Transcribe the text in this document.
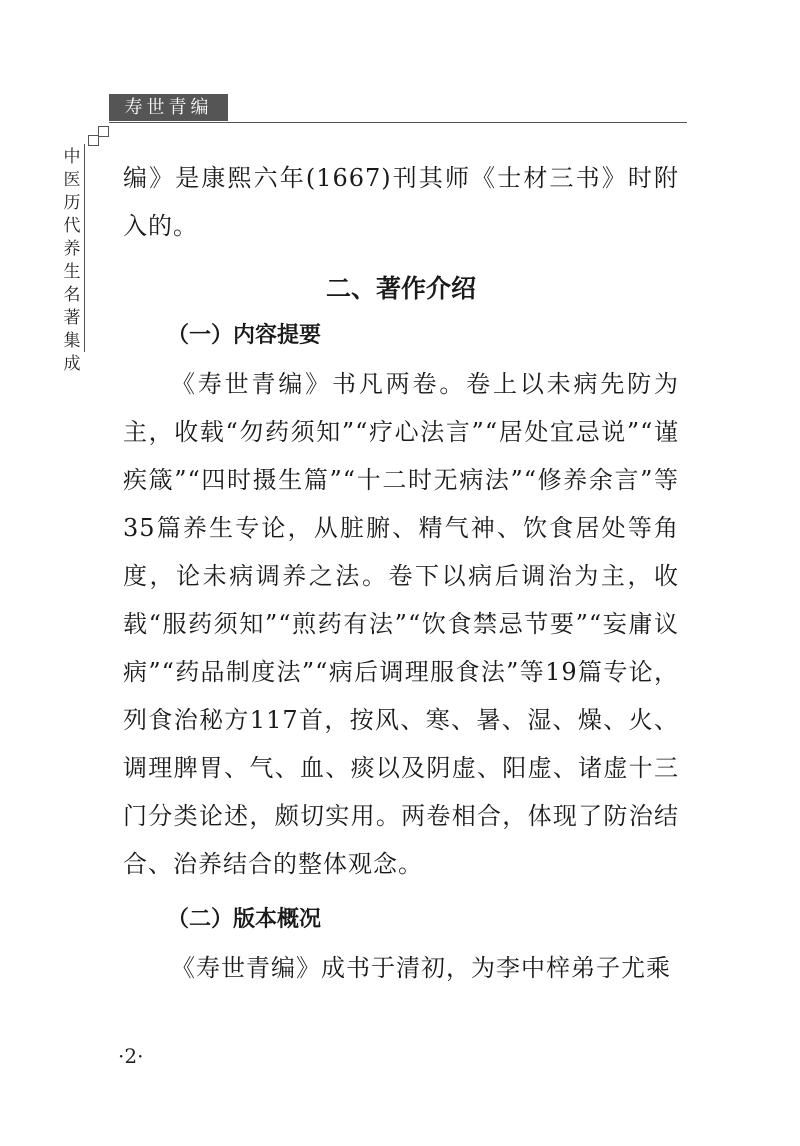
寿世青编
中医历代养生名著集成

编》是康熙六年(1667)刊其师《士材三书》时附入的。

二、著作介绍
（一）内容提要

《寿世青编》书凡两卷。卷上以未病先防为主，收载“勿药须知”“疗心法言”“居处宜忌说”“谨疾箴”“四时摄生篇”“十二时无病法”“修养余言”等35篇养生专论，从脏腑、精气神、饮食居处等角度，论未病调养之法。卷下以病后调治为主，收载“服药须知”“煎药有法”“饮食禁忌节要”“妄庸议病”“药品制度法”“病后调理服食法”等19篇专论，列食治秘方117首，按风、寒、暑、湿、燥、火、调理脾胃、气、血、痰以及阴虚、阳虚、诸虚十三门分类论述，颇切实用。两卷相合，体现了防治结合、治养结合的整体观念。

（二）版本概况

《寿世青编》成书于清初，为李中梓弟子尤乘

·2·
